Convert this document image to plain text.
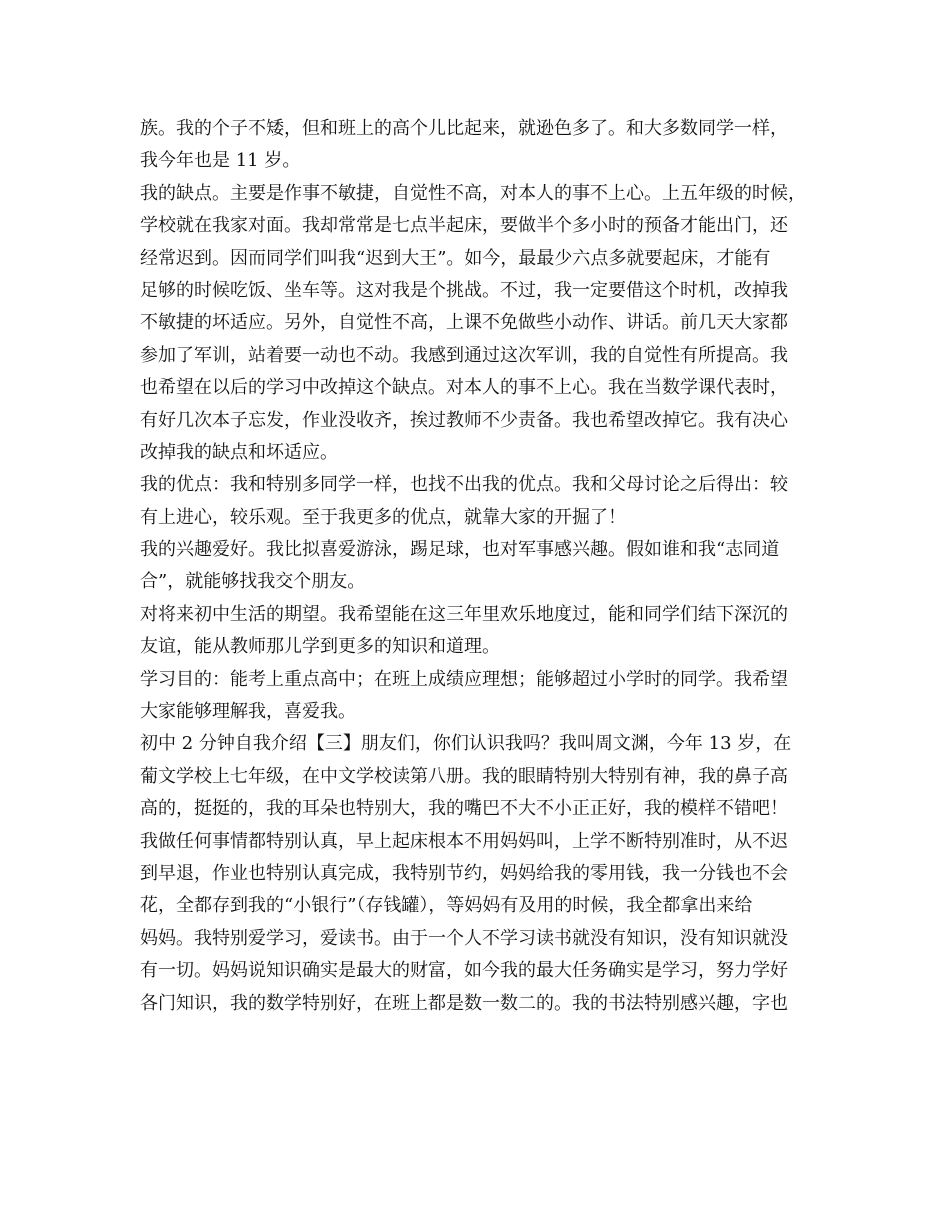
族。我的个子不矮，但和班上的高个儿比起来，就逊色多了。和大多数同学一样，
我今年也是 11 岁。
我的缺点。主要是作事不敏捷，自觉性不高，对本人的事不上心。上五年级的时候，
学校就在我家对面。我却常常是七点半起床，要做半个多小时的预备才能出门，还
经常迟到。因而同学们叫我“迟到大王”。如今，最最少六点多就要起床，才能有
足够的时候吃饭、坐车等。这对我是个挑战。不过，我一定要借这个时机，改掉我
不敏捷的坏适应。另外，自觉性不高，上课不免做些小动作、讲话。前几天大家都
参加了军训，站着要一动也不动。我感到通过这次军训，我的自觉性有所提高。我
也希望在以后的学习中改掉这个缺点。对本人的事不上心。我在当数学课代表时，
有好几次本子忘发，作业没收齐，挨过教师不少责备。我也希望改掉它。我有决心
改掉我的缺点和坏适应。
我的优点：我和特别多同学一样，也找不出我的优点。我和父母讨论之后得出：较
有上进心，较乐观。至于我更多的优点，就靠大家的开掘了！
我的兴趣爱好。我比拟喜爱游泳，踢足球，也对军事感兴趣。假如谁和我“志同道
合”，就能够找我交个朋友。
对将来初中生活的期望。我希望能在这三年里欢乐地度过，能和同学们结下深沉的
友谊，能从教师那儿学到更多的知识和道理。
学习目的：能考上重点高中；在班上成绩应理想；能够超过小学时的同学。我希望
大家能够理解我，喜爱我。
初中 2 分钟自我介绍【三】朋友们，你们认识我吗？我叫周文渊，今年 13 岁，在
葡文学校上七年级，在中文学校读第八册。我的眼睛特别大特别有神，我的鼻子高
高的，挺挺的，我的耳朵也特别大，我的嘴巴不大不小正正好，我的模样不错吧！
我做任何事情都特别认真，早上起床根本不用妈妈叫，上学不断特别准时，从不迟
到早退，作业也特别认真完成，我特别节约，妈妈给我的零用钱，我一分钱也不会
花，全都存到我的“小银行”（存钱罐），等妈妈有及用的时候，我全都拿出来给
妈妈。我特别爱学习，爱读书。由于一个人不学习读书就没有知识，没有知识就没
有一切。妈妈说知识确实是最大的财富，如今我的最大任务确实是学习，努力学好
各门知识，我的数学特别好，在班上都是数一数二的。我的书法特别感兴趣，字也
